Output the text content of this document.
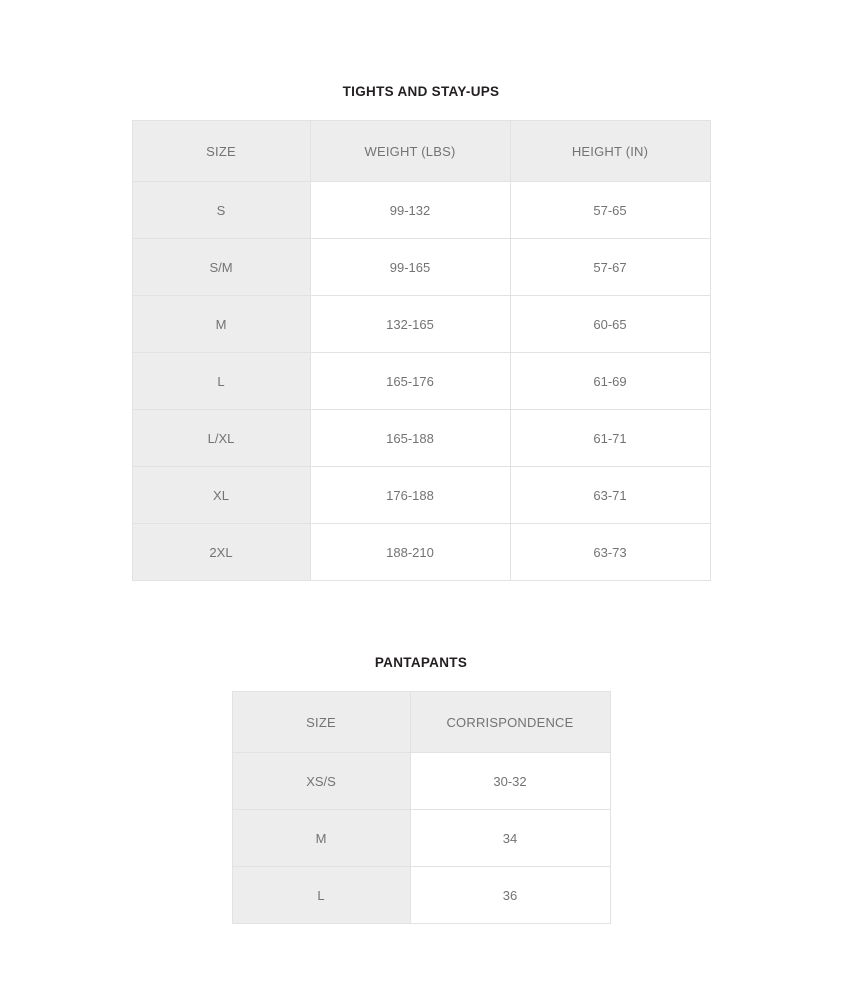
TIGHTS AND STAY-UPS
SIZE	WEIGHT (LBS)	HEIGHT (IN)
S	99-132	57-65
S/M	99-165	57-67
M	132-165	60-65
L	165-176	61-69
L/XL	165-188	61-71
XL	176-188	63-71
2XL	188-210	63-73
PANTAPANTS
SIZE	CORRISPONDENCE
XS/S	30-32
M	34
L	36
